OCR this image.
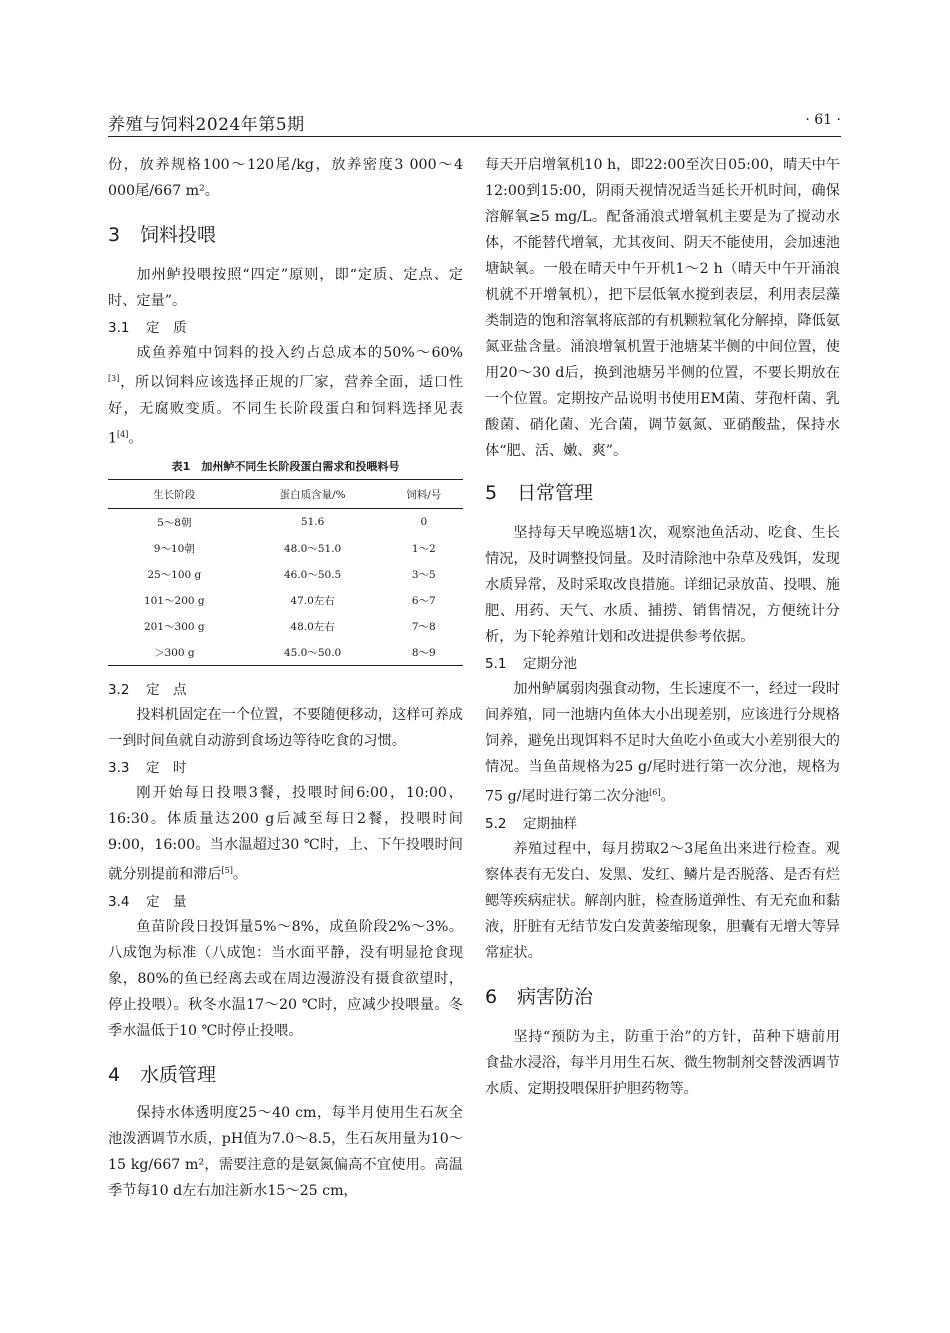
养殖与饲料2024年第5期	· 61 ·

份，放养规格100～120尾/kg，放养密度3 000～4 000尾/667 m²。

3 饲料投喂

加州鲈投喂按照“四定”原则，即“定质、定点、定时、定量”。

3.1 定　质

成鱼养殖中饲料的投入约占总成本的50%～60%[3]，所以饲料应该选择正规的厂家，营养全面，适口性好，无腐败变质。不同生长阶段蛋白和饲料选择见表1[4]。

表1　加州鲈不同生长阶段蛋白需求和投喂料号
生长阶段	蛋白质含量/%	饲料/号
5～8朝	51.6	0
9～10朝	48.0～51.0	1～2
25～100 g	46.0～50.5	3～5
101～200 g	47.0左右	6～7
201～300 g	48.0左右	7～8
＞300 g	45.0～50.0	8～9
3.2 定　点

投料机固定在一个位置，不要随便移动，这样可养成一到时间鱼就自动游到食场边等待吃食的习惯。

3.3 定　时

刚开始每日投喂3餐，投喂时间6:00，10:00，16:30。体质量达200 g后减至每日2餐，投喂时间9:00，16:00。当水温超过30 ℃时，上、下午投喂时间就分别提前和滞后[5]。

3.4 定　量

鱼苗阶段日投饵量5%～8%，成鱼阶段2%～3%。八成饱为标准（八成饱：当水面平静，没有明显抢食现象，80%的鱼已经离去或在周边漫游没有摄食欲望时，停止投喂）。秋冬水温17～20 ℃时，应减少投喂量。冬季水温低于10 ℃时停止投喂。

4 水质管理

保持水体透明度25～40 cm，每半月使用生石灰全池泼洒调节水质，pH值为7.0～8.5，生石灰用量为10～15 kg/667 m²，需要注意的是氨氮偏高不宜使用。高温季节每10 d左右加注新水15～25 cm，

每天开启增氧机10 h，即22:00至次日05:00，晴天中午12:00到15:00，阴雨天视情况适当延长开机时间，确保溶解氧≥5 mg/L。配备涌浪式增氧机主要是为了搅动水体，不能替代增氧，尤其夜间、阴天不能使用，会加速池塘缺氧。一般在晴天中午开机1～2 h（晴天中午开涌浪机就不开增氧机），把下层低氧水搅到表层，利用表层藻类制造的饱和溶氧将底部的有机颗粒氧化分解掉，降低氨氮亚盐含量。涌浪增氧机置于池塘某半侧的中间位置，使用20～30 d后，换到池塘另半侧的位置，不要长期放在一个位置。定期按产品说明书使用EM菌、芽孢杆菌、乳酸菌、硝化菌、光合菌，调节氨氮、亚硝酸盐，保持水体“肥、活、嫩、爽”。

5 日常管理

坚持每天早晚巡塘1次，观察池鱼活动、吃食、生长情况，及时调整投饲量。及时清除池中杂草及残饵，发现水质异常，及时采取改良措施。详细记录放苗、投喂、施肥、用药、天气、水质、捕捞、销售情况，方便统计分析，为下轮养殖计划和改进提供参考依据。

5.1 定期分池

加州鲈属弱肉强食动物，生长速度不一，经过一段时间养殖，同一池塘内鱼体大小出现差别，应该进行分规格饲养，避免出现饵料不足时大鱼吃小鱼或大小差别很大的情况。当鱼苗规格为25 g/尾时进行第一次分池，规格为75 g/尾时进行第二次分池[6]。

5.2 定期抽样

养殖过程中，每月捞取2～3尾鱼出来进行检查。观察体表有无发白、发黑、发红、鳞片是否脱落、是否有烂鳃等疾病症状。解剖内脏，检查肠道弹性、有无充血和黏液，肝脏有无结节发白发黄萎缩现象，胆囊有无增大等异常症状。

6 病害防治

坚持“预防为主，防重于治”的方针，苗种下塘前用食盐水浸浴，每半月用生石灰、微生物制剂交替泼洒调节水质、定期投喂保肝护胆药物等。
